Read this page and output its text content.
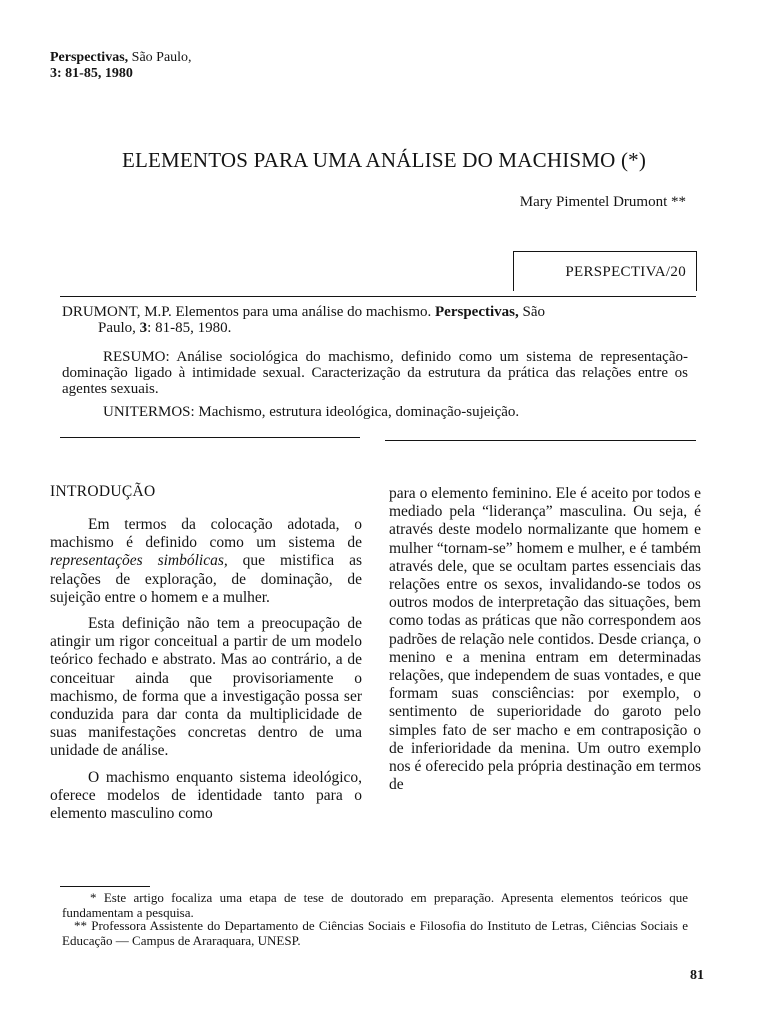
Perspectivas, São Paulo,
3: 81-85, 1980
ELEMENTOS PARA UMA ANÁLISE DO MACHISMO (*)
Mary Pimentel Drumont **
PERSPECTIVA/20
DRUMONT, M.P. Elementos para uma análise do machismo. Perspectivas, São
Paulo, 3: 81-85, 1980.
RESUMO: Análise sociológica do machismo, definido como um sistema de representação-dominação ligado à intimidade sexual. Caracterização da estrutura da prática das relações entre os agentes sexuais.
UNITERMOS: Machismo, estrutura ideológica, dominação-sujeição.
INTRODUÇÃO

Em termos da colocação adotada, o machismo é definido como um sistema de representações simbólicas, que mistifica as relações de exploração, de dominação, de sujeição entre o homem e a mulher.

Esta definição não tem a preocupação de atingir um rigor conceitual a partir de um modelo teórico fechado e abstrato. Mas ao contrário, a de conceituar ainda que provisoriamente o machismo, de forma que a investigação possa ser conduzida para dar conta da multiplicidade de suas manifestações concretas dentro de uma unidade de análise.

O machismo enquanto sistema ideológico, oferece modelos de identidade tanto para o elemento masculino como

para o elemento feminino. Ele é aceito por todos e mediado pela “liderança” masculina. Ou seja, é através deste modelo normalizante que homem e mulher “tornam-se” homem e mulher, e é também através dele, que se ocultam partes essenciais das relações entre os sexos, invalidando-se todos os outros modos de interpretação das situações, bem como todas as práticas que não correspondem aos padrões de relação nele contidos. Desde criança, o menino e a menina entram em determinadas relações, que independem de suas vontades, e que formam suas consciências: por exemplo, o sentimento de superioridade do garoto pelo simples fato de ser macho e em contraposição o de inferioridade da menina. Um outro exemplo nos é oferecido pela própria destinação em termos de

* Este artigo focaliza uma etapa de tese de doutorado em preparação. Apresenta elementos teóricos que fundamentam a pesquisa.
** Professora Assistente do Departamento de Ciências Sociais e Filosofia do Instituto de Letras, Ciências Sociais e Educação — Campus de Araraquara, UNESP.
81
